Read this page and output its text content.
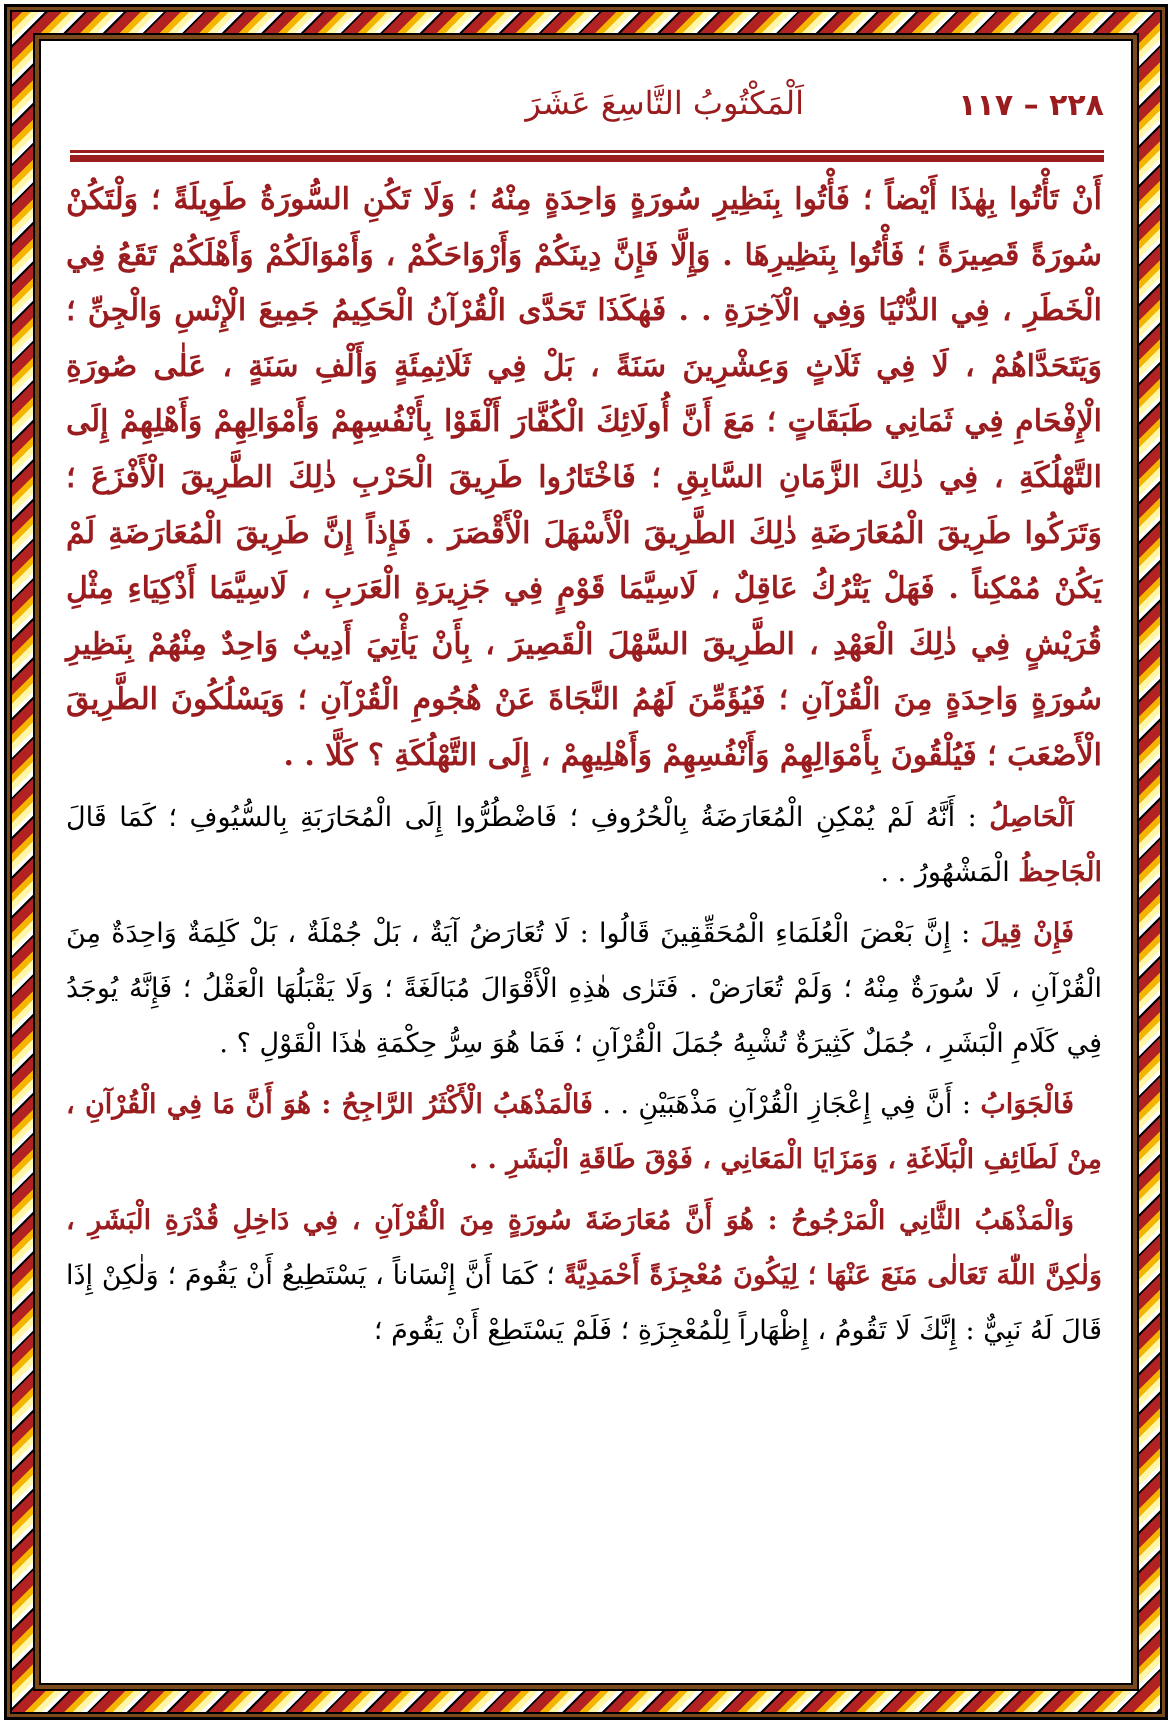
٢٢٨ – ١١٧
اَلْمَكْتُوبُ التَّاسِعَ عَشَرَ

أَنْ تَأْتُوا بِهٰذَا أَيْضاً ؛ فَأْتُوا بِنَظِيرِ سُورَةٍ وَاحِدَةٍ مِنْهُ ؛ وَلَا تَكُنِ السُّورَةُ طَوِيلَةً ؛ وَلْتَكُنْ سُورَةً قَصِيرَةً ؛ فَأْتُوا بِنَظِيرِهَا . وَإِلَّا فَإِنَّ دِينَكُمْ وَأَرْوَاحَكُمْ ، وَأَمْوَالَكُمْ وَأَهْلَكُمْ تَقَعُ فِي الْخَطَرِ ، فِي الدُّنْيَا وَفِي الْآخِرَةِ . . فَهٰكَذَا تَحَدَّى الْقُرْآنُ الْحَكِيمُ جَمِيعَ الْإِنْسِ وَالْجِنِّ ؛ وَيَتَحَدَّاهُمْ ، لَا فِي ثَلَاثٍ وَعِشْرِينَ سَنَةً ، بَلْ فِي ثَلَاثِمِئَةٍ وَأَلْفِ سَنَةٍ ، عَلٰى صُورَةِ الْإِفْحَامِ فِي ثَمَانِي طَبَقَاتٍ ؛ مَعَ أَنَّ أُولَائِكَ الْكُفَّارَ أَلْقَوْا بِأَنْفُسِهِمْ وَأَمْوَالِهِمْ وَأَهْلِهِمْ إِلَى التَّهْلُكَةِ ، فِي ذٰلِكَ الزَّمَانِ السَّابِقِ ؛ فَاخْتَارُوا طَرِيقَ الْحَرْبِ ذٰلِكَ الطَّرِيقَ الْأَفْزَعَ ؛ وَتَرَكُوا طَرِيقَ الْمُعَارَضَةِ ذٰلِكَ الطَّرِيقَ الْأَسْهَلَ الْأَقْصَرَ . فَإِذاً إِنَّ طَرِيقَ الْمُعَارَضَةِ لَمْ يَكُنْ مُمْكِناً . فَهَلْ يَتْرُكُ عَاقِلٌ ، لَاسِيَّمَا قَوْمٍ فِي جَزِيرَةِ الْعَرَبِ ، لَاسِيَّمَا أَذْكِيَاءِ مِثْلِ قُرَيْشٍ فِي ذٰلِكَ الْعَهْدِ ، الطَّرِيقَ السَّهْلَ الْقَصِيرَ ، بِأَنْ يَأْتِيَ أَدِيبٌ وَاحِدٌ مِنْهُمْ بِنَظِيرِ سُورَةٍ وَاحِدَةٍ مِنَ الْقُرْآنِ ؛ فَيُؤَمِّنَ لَهُمُ النَّجَاةَ عَنْ هُجُومِ الْقُرْآنِ ؛ وَيَسْلُكُونَ الطَّرِيقَ الْأَصْعَبَ ؛ فَيُلْقُونَ بِأَمْوَالِهِمْ وَأَنْفُسِهِمْ وَأَهْلِيهِمْ ، إِلَى التَّهْلُكَةِ ؟ كَلَّا . .

اَلْحَاصِلُ : أَنَّهُ لَمْ يُمْكِنِ الْمُعَارَضَةُ بِالْحُرُوفِ ؛ فَاضْطُرُّوا إِلَى الْمُحَارَبَةِ بِالسُّيُوفِ ؛ كَمَا قَالَ الْجَاحِظُ الْمَشْهُورُ . .

فَإِنْ قِيلَ : إِنَّ بَعْضَ الْعُلَمَاءِ الْمُحَقِّقِينَ قَالُوا : لَا تُعَارَضُ آيَةٌ ، بَلْ جُمْلَةٌ ، بَلْ كَلِمَةٌ وَاحِدَةٌ مِنَ الْقُرْآنِ ، لَا سُورَةٌ مِنْهُ ؛ وَلَمْ تُعَارَضْ . فَتَرٰى هٰذِهِ الْأَقْوَالَ مُبَالَغَةً ؛ وَلَا يَقْبَلُهَا الْعَقْلُ ؛ فَإِنَّهُ يُوجَدُ فِي كَلَامِ الْبَشَرِ ، جُمَلٌ كَثِيرَةٌ تُشْبِهُ جُمَلَ الْقُرْآنِ ؛ فَمَا هُوَ سِرُّ حِكْمَةِ هٰذَا الْقَوْلِ ؟ .

فَالْجَوَابُ : أَنَّ فِي إِعْجَازِ الْقُرْآنِ مَذْهَبَيْنِ . . فَالْمَذْهَبُ الْأَكْثَرُ الرَّاجِحُ : هُوَ أَنَّ مَا فِي الْقُرْآنِ ، مِنْ لَطَائِفِ الْبَلَاغَةِ ، وَمَزَايَا الْمَعَانِي ، فَوْقَ طَاقَةِ الْبَشَرِ . .

وَالْمَذْهَبُ الثَّانِي الْمَرْجُوحُ : هُوَ أَنَّ مُعَارَضَةَ سُورَةٍ مِنَ الْقُرْآنِ ، فِي دَاخِلِ قُدْرَةِ الْبَشَرِ ، وَلٰكِنَّ اللّٰهَ تَعَالٰى مَنَعَ عَنْهَا ؛ لِيَكُونَ مُعْجِزَةً أَحْمَدِيَّةً ؛ كَمَا أَنَّ إِنْسَاناً ، يَسْتَطِيعُ أَنْ يَقُومَ ؛ وَلٰكِنْ إِذَا قَالَ لَهُ نَبِيٌّ : إِنَّكَ لَا تَقُومُ ، إِظْهَاراً لِلْمُعْجِزَةِ ؛ فَلَمْ يَسْتَطِعْ أَنْ يَقُومَ ؛
